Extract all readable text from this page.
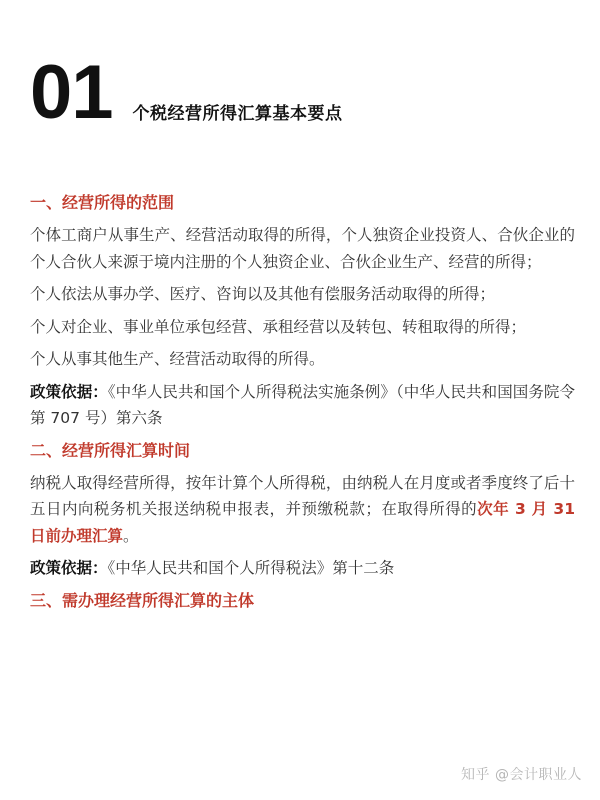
01 个税经营所得汇算基本要点
一、经营所得的范围

个体工商户从事生产、经营活动取得的所得，个人独资企业投资人、合伙企业的个人合伙人来源于境内注册的个人独资企业、合伙企业生产、经营的所得；

个人依法从事办学、医疗、咨询以及其他有偿服务活动取得的所得；

个人对企业、事业单位承包经营、承租经营以及转包、转租取得的所得；

个人从事其他生产、经营活动取得的所得。

政策依据：《中华人民共和国个人所得税法实施条例》（中华人民共和国国务院令第 707 号）第六条

二、经营所得汇算时间

纳税人取得经营所得，按年计算个人所得税，由纳税人在月度或者季度终了后十五日内向税务机关报送纳税申报表，并预缴税款；在取得所得的次年 3 月 31 日前办理汇算。

政策依据：《中华人民共和国个人所得税法》第十二条

三、需办理经营所得汇算的主体
知乎 @会计职业人
